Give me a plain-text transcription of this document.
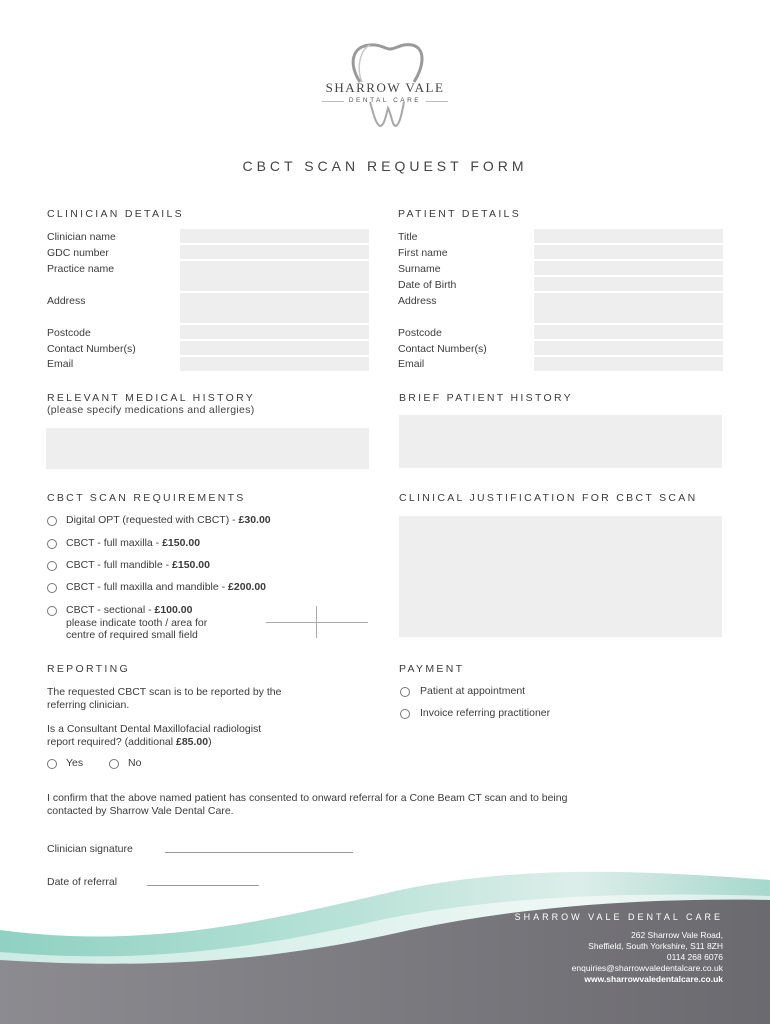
SHARROW VALE
DENTAL CARE
CBCT SCAN REQUEST FORM
CLINICIAN DETAILS
Clinician name
GDC number
Practice name
Address
Postcode
Contact Number(s)
Email
PATIENT DETAILS
Title
First name
Surname
Date of Birth
Address
Postcode
Contact Number(s)
Email
RELEVANT MEDICAL HISTORY
(please specify medications and allergies)
BRIEF PATIENT HISTORY
CBCT SCAN REQUIREMENTS
Digital OPT (requested with CBCT) - £30.00
CBCT - full maxilla - £150.00
CBCT - full mandible - £150.00
CBCT - full maxilla and mandible - £200.00
CBCT - sectional - £100.00
please indicate tooth / area for
centre of required small field
CLINICAL JUSTIFICATION FOR CBCT SCAN
REPORTING
The requested CBCT scan is to be reported by the
referring clinician.
Is a Consultant Dental Maxillofacial radiologist
report required? (additional £85.00)
Yes	No
PAYMENT
Patient at appointment
Invoice referring practitioner
I confirm that the above named patient has consented to onward referral for a Cone Beam CT scan and to being
contacted by Sharrow Vale Dental Care.
Clinician signature
Date of referral
SHARROW VALE DENTAL CARE
262 Sharrow Vale Road,
Sheffield, South Yorkshire, S11 8ZH
0114 268 6076
enquiries@sharrowvaledentalcare.co.uk
www.sharrowvaledentalcare.co.uk
